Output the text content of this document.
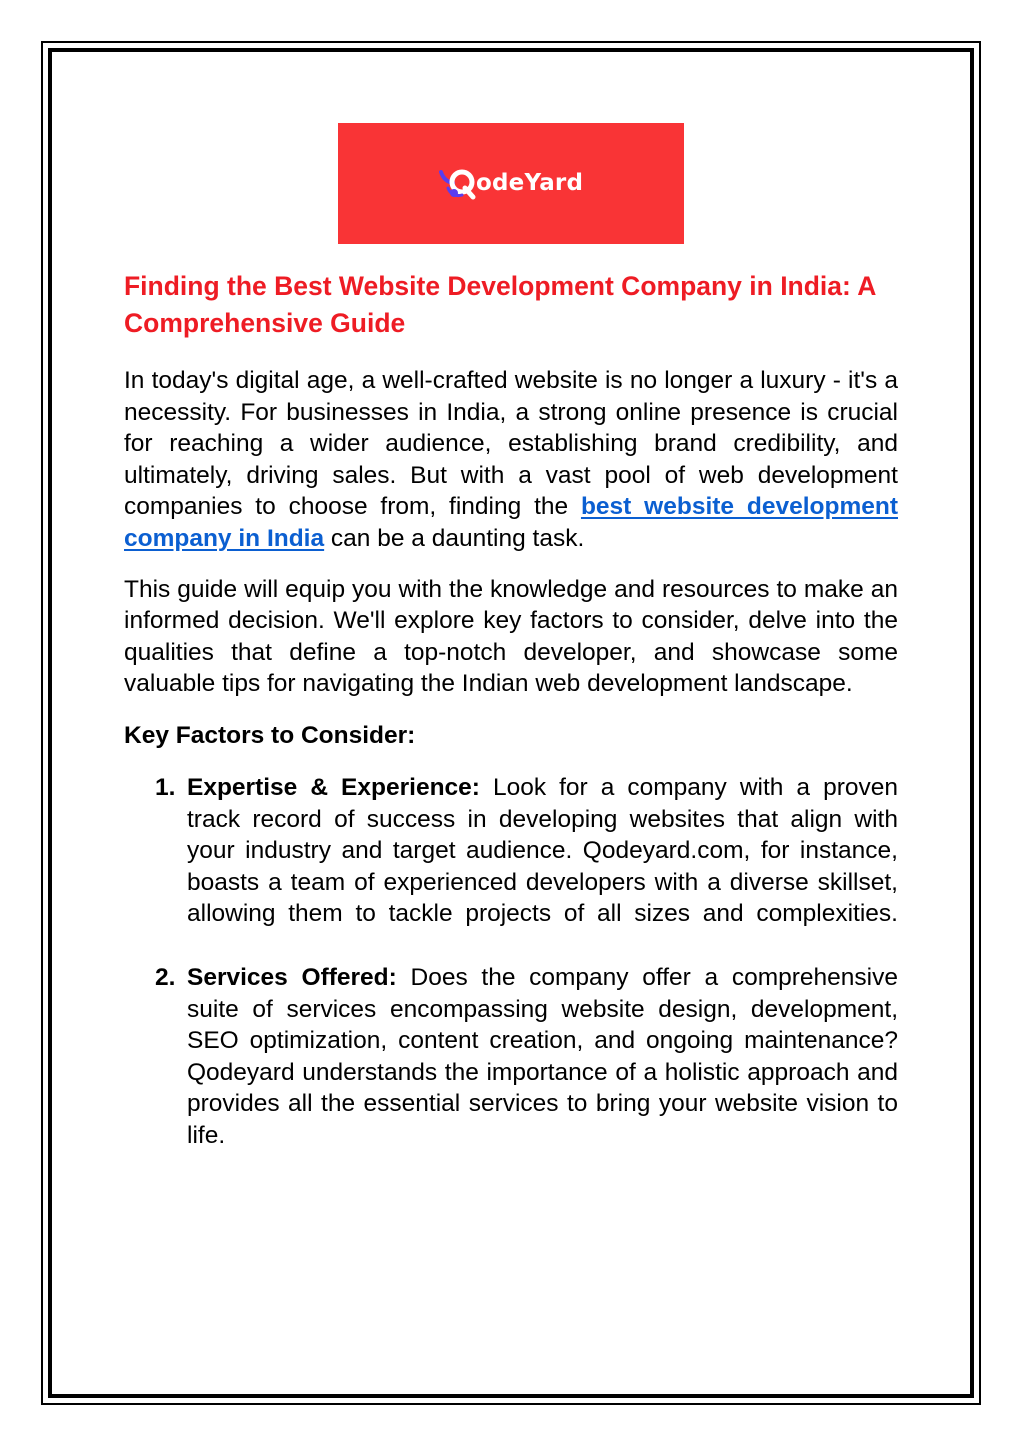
odeYard
Finding the Best Website Development Company in India: A Comprehensive Guide

In today's digital age, a well-crafted website is no longer a luxury - it's a necessity. For businesses in India, a strong online presence is crucial for reaching a wider audience, establishing brand credibility, and ultimately, driving sales. But with a vast pool of web development companies to choose from, finding the best website development company in India can be a daunting task.

This guide will equip you with the knowledge and resources to make an informed decision. We'll explore key factors to consider, delve into the qualities that define a top-notch developer, and showcase some valuable tips for navigating the Indian web development landscape.

Key Factors to Consider:
1. Expertise & Experience: Look for a company with a proven track record of success in developing websites that align with your industry and target audience. Qodeyard.com, for instance, boasts a team of experienced developers with a diverse skillset, allowing them to tackle projects of all sizes and complexities.
2. Services Offered: Does the company offer a comprehensive suite of services encompassing website design, development, SEO optimization, content creation, and ongoing maintenance? Qodeyard understands the importance of a holistic approach and provides all the essential services to bring your website vision to life.
